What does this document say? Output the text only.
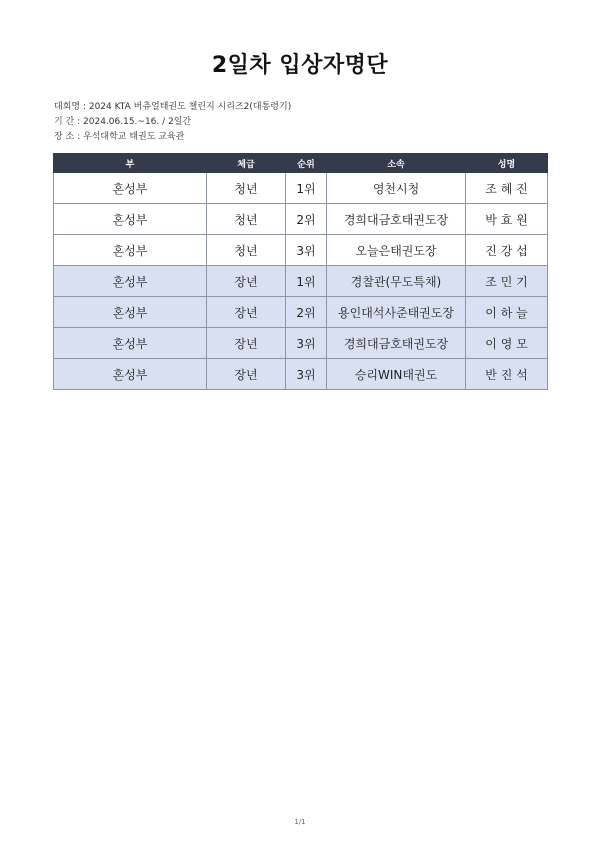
2일차 입상자명단
대회명 : 2024 KTA 버츄얼태권도 챌린지 시리즈2(대통령기)
기 간 : 2024.06.15.~16. / 2일간
장 소 : 우석대학교 태권도 교육관
부	체급	순위	소속	성명
혼성부	청년	1위	영천시청	조 혜 진
혼성부	청년	2위	경희대금호태권도장	박 효 원
혼성부	청년	3위	오늘은태권도장	진 강 섭
혼성부	장년	1위	경찰관(무도특채)	조 민 기
혼성부	장년	2위	용인대석사준태권도장	이 하 늘
혼성부	장년	3위	경희대금호태권도장	이 영 모
혼성부	장년	3위	승리WIN태권도	반 진 석
1/1
